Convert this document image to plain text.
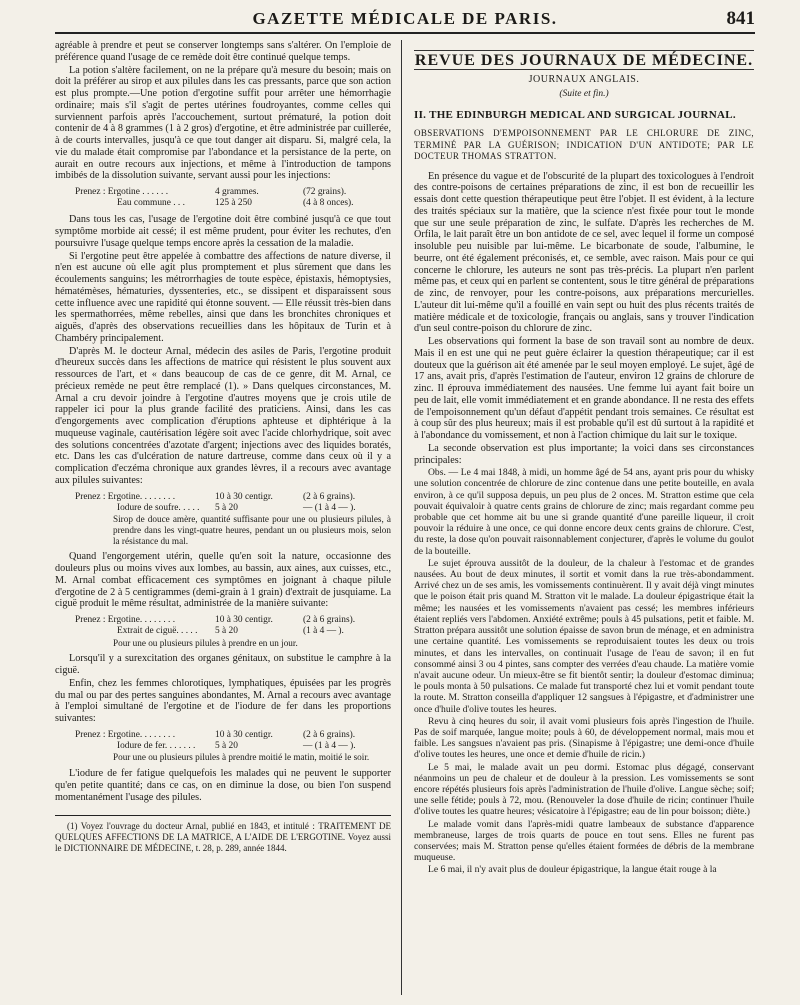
GAZETTE MÉDICALE DE PARIS.	841

agréable à prendre et peut se conserver longtemps sans s'altérer. On l'emploie de préférence quand l'usage de ce remède doit être continué quelque temps.

La potion s'altère facilement, on ne la prépare qu'à mesure du besoin; mais on doit la préférer au sirop et aux pilules dans les cas pressants, parce que son action est plus prompte.—Une potion d'ergotine suffit pour arrêter une hémorrhagie ordinaire; mais s'il s'agit de pertes utérines foudroyantes, comme celles qui surviennent parfois après l'accouchement, surtout prématuré, la potion doit contenir de 4 à 8 grammes (1 à 2 gros) d'ergotine, et être administrée par cuillerée, à de courts intervalles, jusqu'à ce que tout danger ait disparu. Si, malgré cela, la vie du malade était compromise par l'abondance et la persistance de la perte, on aurait en outre recours aux injections, et même à l'introduction de tampons imbibés de la dissolution suivante, servant aussi pour les injections:

Prenez : Ergotine . . . . . .	4 grammes.	(72 grains).
Eau commune . . .	125 à 250	(4 à 8 onces).

Dans tous les cas, l'usage de l'ergotine doit être combiné jusqu'à ce que tout symptôme morbide ait cessé; il est même prudent, pour éviter les rechutes, d'en poursuivre l'usage quelque temps encore après la cessation de la maladie.

Si l'ergotine peut être appelée à combattre des affections de nature diverse, il n'en est aucune où elle agit plus promptement et plus sûrement que dans les écoulements sanguins; les métrorrhagies de toute espèce, épistaxis, hémoptysies, hématémèses, hématuries, dyssenteries, etc., se dissipent et disparaissent sous cette influence avec une rapidité qui étonne souvent. — Elle réussit très-bien dans les spermathorrées, même rebelles, ainsi que dans les bronchites chroniques et aiguës, d'après des observations recueillies dans les hôpitaux de Turin et à Chambéry principalement.

D'après M. le docteur Arnal, médecin des asiles de Paris, l'ergotine produit d'heureux succès dans les affections de matrice qui résistent le plus souvent aux ressources de l'art, et « dans beaucoup de cas de ce genre, dit M. Arnal, ce précieux remède ne peut être remplacé (1). » Dans quelques circonstances, M. Arnal a cru devoir joindre à l'ergotine d'autres moyens que je crois utile de rappeler ici pour la plus grande facilité des praticiens. Ainsi, dans les cas d'engorgements avec complication d'éruptions aphteuse et diphtérique à la muqueuse vaginale, cautérisation légère soit avec l'acide chlorhydrique, soit avec des solutions concentrées d'azotate d'argent; injections avec des liquides boratés, etc. Dans les cas d'ulcération de nature dartreuse, comme dans ceux où il y a complication d'eczéma chronique aux grandes lèvres, il a recours avec avantage aux pilules suivantes:

Prenez : Ergotine. . . . . . . .	10 à 30 centigr.	(2 à 6 grains).
Iodure de soufre. . . . .	5 à 20	— (1 à 4 — ).
Sirop de douce amère, quantité suffisante pour une ou plusieurs pilules, à prendre dans les vingt-quatre heures, pendant un ou plusieurs mois, selon la résistance du mal.

Quand l'engorgement utérin, quelle qu'en soit la nature, occasionne des douleurs plus ou moins vives aux lombes, au bassin, aux aines, aux cuisses, etc., M. Arnal combat efficacement ces symptômes en joignant à chaque pilule d'ergotine de 2 à 5 centigrammes (demi-grain à 1 grain) d'extrait de jusquiame. La ciguë produit le même résultat, administrée de la manière suivante:

Prenez : Ergotine. . . . . . . .	10 à 30 centigr.	(2 à 6 grains).
Extrait de ciguë. . . . .	5 à 20	(1 à 4 — ).
Pour une ou plusieurs pilules à prendre en un jour.

Lorsqu'il y a surexcitation des organes génitaux, on substitue le camphre à la ciguë.

Enfin, chez les femmes chlorotiques, lymphatiques, épuisées par les progrès du mal ou par des pertes sanguines abondantes, M. Arnal a recours avec avantage à l'emploi simultané de l'ergotine et de l'iodure de fer dans les proportions suivantes:

Prenez : Ergotine. . . . . . . .	10 à 30 centigr.	(2 à 6 grains).
Iodure de fer. . . . . . .	5 à 20	— (1 à 4 — ).
Pour une ou plusieurs pilules à prendre moitié le matin, moitié le soir.

L'iodure de fer fatigue quelquefois les malades qui ne peuvent le supporter qu'en petite quantité; dans ce cas, on en diminue la dose, ou bien l'on suspend momentanément l'usage des pilules.

(1) Voyez l'ouvrage du docteur Arnal, publié en 1843, et intitulé : TRAITEMENT DE QUELQUES AFFECTIONS DE LA MATRICE, A L'AIDE DE L'ERGOTINE. Voyez aussi le DICTIONNAIRE DE MÉDECINE, t. 28, p. 289, année 1844.
REVUE DES JOURNAUX DE MÉDECINE.
JOURNAUX ANGLAIS.
(Suite et fin.)
II. THE EDINBURGH MEDICAL AND SURGICAL JOURNAL.
OBSERVATIONS D'EMPOISONNEMENT PAR LE CHLORURE DE ZINC, TERMINÉ PAR LA GUÉRISON; INDICATION D'UN ANTIDOTE; PAR LE DOCTEUR THOMAS STRATTON.

En présence du vague et de l'obscurité de la plupart des toxicologues à l'endroit des contre-poisons de certaines préparations de zinc, il est bon de recueillir les essais dont cette question thérapeutique peut être l'objet. Il est évident, à la lecture des traités spéciaux sur la matière, que la science n'est fixée pour tout le monde que sur une seule préparation de zinc, le sulfate. D'après les recherches de M. Orfila, le lait paraît être un bon antidote de ce sel, avec lequel il forme un composé insoluble peu nuisible par lui-même. Le bicarbonate de soude, l'albumine, le beurre, ont été également préconisés, et, ce semble, avec raison. Mais pour ce qui concerne le chlorure, les auteurs ne sont pas très-précis. La plupart n'en parlent même pas, et ceux qui en parlent se contentent, sous le titre général de préparations de zinc, de renvoyer, pour les contre-poisons, aux préparations mercurielles. L'auteur dit lui-même qu'il a fouillé en vain sept ou huit des plus récents traités de matière médicale et de toxicologie, français ou anglais, sans y trouver l'indication d'un seul contre-poison du chlorure de zinc.

Les observations qui forment la base de son travail sont au nombre de deux. Mais il en est une qui ne peut guère éclairer la question thérapeutique; car il est douteux que la guérison ait été amenée par le seul moyen employé. Le sujet, âgé de 17 ans, avait pris, d'après l'estimation de l'auteur, environ 12 grains de chlorure de zinc. Il éprouva immédiatement des nausées. Une femme lui ayant fait boire un peu de lait, elle vomit immédiatement et en grande abondance. Il ne resta des effets de l'empoisonnement qu'un défaut d'appétit pendant trois semaines. Ce résultat est à coup sûr des plus heureux; mais il est probable qu'il est dû surtout à la rapidité et à l'abondance du vomissement, et non à l'action chimique du lait sur le toxique.

La seconde observation est plus importante; la voici dans ses circonstances principales:

Obs. — Le 4 mai 1848, à midi, un homme âgé de 54 ans, ayant pris pour du whisky une solution concentrée de chlorure de zinc contenue dans une petite bouteille, en avala environ, à ce qu'il supposa depuis, un peu plus de 2 onces. M. Stratton estime que cela pouvait équivaloir à quatre cents grains de chlorure de zinc; mais regardant comme peu probable que cet homme ait bu une si grande quantité d'une pareille liqueur, il croit pouvoir la réduire à une once, ce qui donne encore deux cents grains de chlorure. C'est, du reste, la dose qu'on pouvait raisonnablement conjecturer, d'après le volume du goulot de la bouteille.

Le sujet éprouva aussitôt de la douleur, de la chaleur à l'estomac et de grandes nausées. Au bout de deux minutes, il sortit et vomit dans la rue très-abondamment. Arrivé chez un de ses amis, les vomissements continuèrent. Il y avait déjà vingt minutes que le poison était pris quand M. Stratton vit le malade. La douleur épigastrique était la même; les nausées et les vomissements n'avaient pas cessé; les membres inférieurs étaient repliés vers l'abdomen. Anxiété extrême; pouls à 45 pulsations, petit et faible. M. Stratton prépara aussitôt une solution épaisse de savon brun de ménage, et en administra une certaine quantité. Les vomissements se reproduisaient toutes les deux ou trois minutes, et dans les intervalles, on continuait l'usage de l'eau de savon; il en fut consommé ainsi 3 ou 4 pintes, sans compter des verrées d'eau chaude. La matière vomie n'avait aucune odeur. Un mieux-être se fit bientôt sentir; la douleur d'estomac diminua; le pouls monta à 50 pulsations. Ce malade fut transporté chez lui et vomit pendant toute la route. M. Stratton conseilla d'appliquer 12 sangsues à l'épigastre, et d'administrer une once d'huile d'olive toutes les heures.

Revu à cinq heures du soir, il avait vomi plusieurs fois après l'ingestion de l'huile. Pas de soif marquée, langue moite; pouls à 60, de développement normal, mais mou et faible. Les sangsues n'avaient pas pris. (Sinapisme à l'épigastre; une demi-once d'huile d'olive toutes les heures, une once et demie d'huile de ricin.)

Le 5 mai, le malade avait un peu dormi. Estomac plus dégagé, conservant néanmoins un peu de chaleur et de douleur à la pression. Les vomissements se sont encore répétés plusieurs fois après l'administration de l'huile d'olive. Langue sèche; soif; une selle fétide; pouls à 72, mou. (Renouveler la dose d'huile de ricin; continuer l'huile d'olive toutes les quatre heures; vésicatoire à l'épigastre; eau de lin pour boisson; diète.)

Le malade vomit dans l'après-midi quatre lambeaux de substance d'apparence membraneuse, larges de trois quarts de pouce en tout sens. Elles ne furent pas conservées; mais M. Stratton pense qu'elles étaient formées de débris de la membrane muqueuse.

Le 6 mai, il n'y avait plus de douleur épigastrique, la langue était rouge à la
